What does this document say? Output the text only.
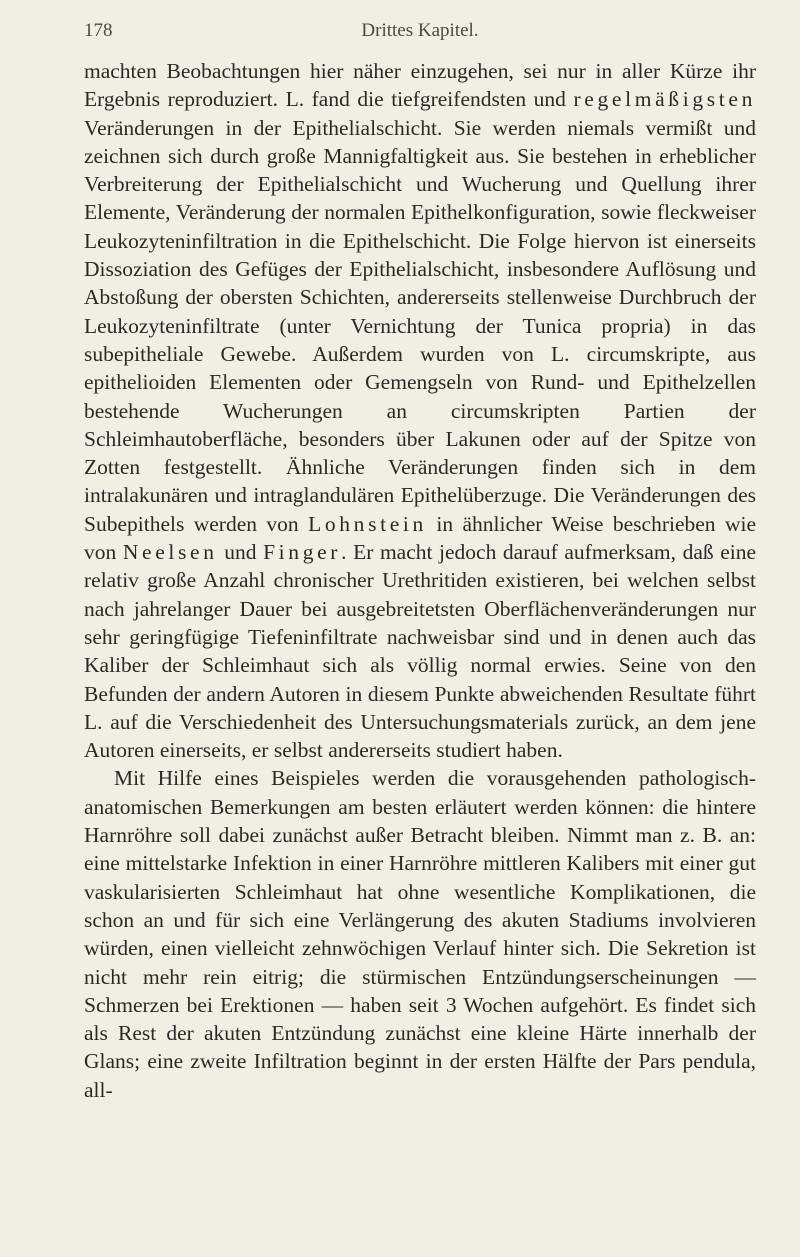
178	Drittes Kapitel.

machten Beobachtungen hier näher einzugehen, sei nur in aller Kürze ihr Ergebnis reproduziert. L. fand die tiefgreifendsten und regelmäßigsten Veränderungen in der Epithelialschicht. Sie werden niemals vermißt und zeichnen sich durch große Mannigfaltigkeit aus. Sie bestehen in erheblicher Verbreiterung der Epithelialschicht und Wucherung und Quellung ihrer Elemente, Veränderung der normalen Epithelkonfiguration, sowie fleckweiser Leukozyteninfiltration in die Epithelschicht. Die Folge hiervon ist einerseits Dissoziation des Gefüges der Epithelialschicht, insbesondere Auflösung und Abstoßung der obersten Schichten, andererseits stellenweise Durchbruch der Leukozyteninfiltrate (unter Vernichtung der Tunica propria) in das subepitheliale Gewebe. Außerdem wurden von L. circumskripte, aus epithelioiden Elementen oder Gemengseln von Rund- und Epithelzellen bestehende Wucherungen an circumskripten Partien der Schleimhautoberfläche, besonders über Lakunen oder auf der Spitze von Zotten festgestellt. Ähnliche Veränderungen finden sich in dem intralakunären und intraglandulären Epithelüberzuge. Die Veränderungen des Subepithels werden von Lohnstein in ähnlicher Weise beschrieben wie von Neelsen und Finger. Er macht jedoch darauf aufmerksam, daß eine relativ große Anzahl chronischer Urethritiden existieren, bei welchen selbst nach jahrelanger Dauer bei ausgebreitetsten Oberflächenveränderungen nur sehr geringfügige Tiefeninfiltrate nachweisbar sind und in denen auch das Kaliber der Schleimhaut sich als völlig normal erwies. Seine von den Befunden der andern Autoren in diesem Punkte abweichenden Resultate führt L. auf die Verschiedenheit des Untersuchungsmaterials zurück, an dem jene Autoren einerseits, er selbst andererseits studiert haben.

Mit Hilfe eines Beispieles werden die vorausgehenden pathologisch-anatomischen Bemerkungen am besten erläutert werden können: die hintere Harnröhre soll dabei zunächst außer Betracht bleiben. Nimmt man z. B. an: eine mittelstarke Infektion in einer Harnröhre mittleren Kalibers mit einer gut vaskularisierten Schleimhaut hat ohne wesentliche Komplikationen, die schon an und für sich eine Verlängerung des akuten Stadiums involvieren würden, einen vielleicht zehnwöchigen Verlauf hinter sich. Die Sekretion ist nicht mehr rein eitrig; die stürmischen Entzündungserscheinungen — Schmerzen bei Erektionen — haben seit 3 Wochen aufgehört. Es findet sich als Rest der akuten Entzündung zunächst eine kleine Härte innerhalb der Glans; eine zweite Infiltration beginnt in der ersten Hälfte der Pars pendula, all-
